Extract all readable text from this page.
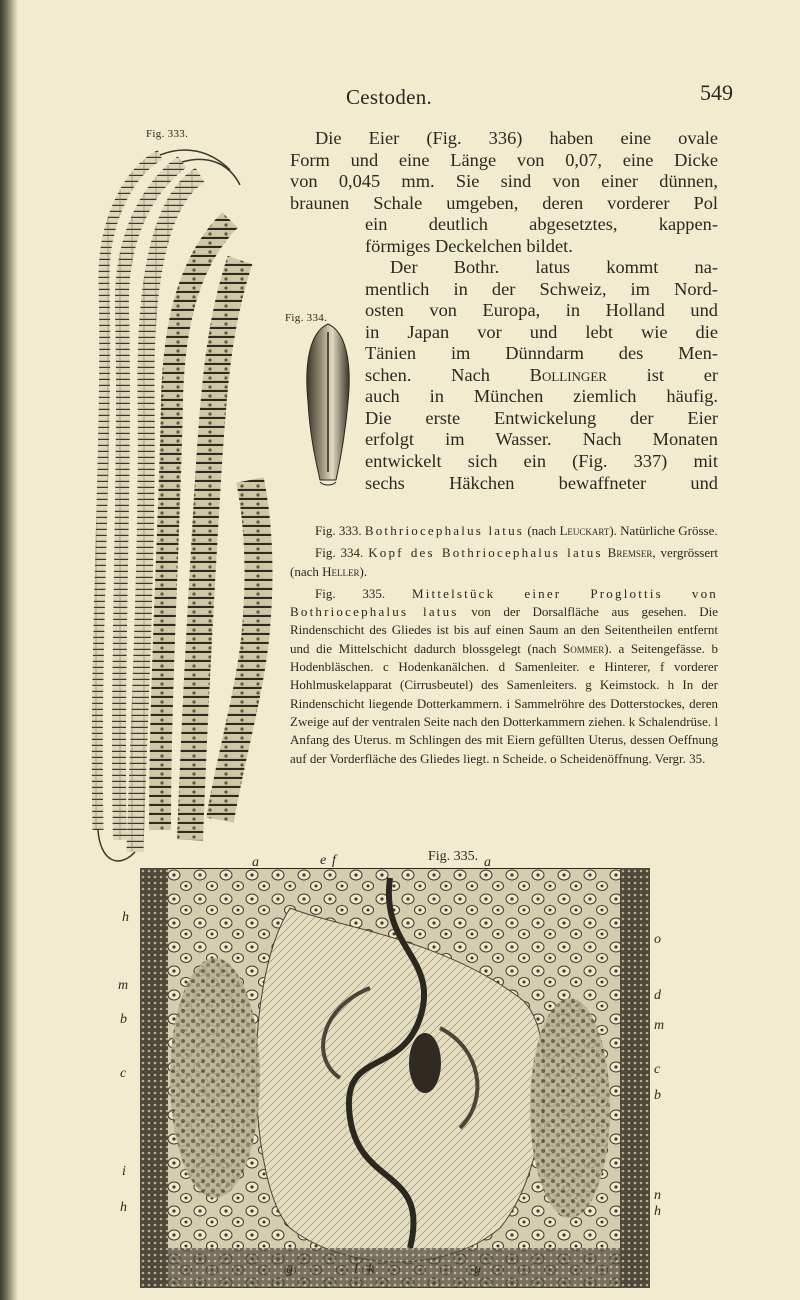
Cestoden.	549
Fig. 333.
Fig. 334.
Die Eier (Fig. 336) haben eine ovale
Form und eine Länge von 0,07, eine Dicke
von 0,045 mm. Sie sind von einer dünnen,
braunen Schale umgeben, deren vorderer Pol
ein deutlich abgesetztes, kappen-
förmiges Deckelchen bildet.
Der Bothr. latus kommt na-
mentlich in der Schweiz, im Nord-
osten von Europa, in Holland und
in Japan vor und lebt wie die
Tänien im Dünndarm des Men-
schen. Nach Bollinger ist er
auch in München ziemlich häufig.
Die erste Entwickelung der Eier
erfolgt im Wasser. Nach Monaten
entwickelt sich ein (Fig. 337) mit
sechs Häkchen bewaffneter und

Fig. 333. Bothriocephalus latus (nach Leuckart). Natürliche Grösse.

Fig. 334. Kopf des Bothriocephalus latus Bremser, vergrössert (nach Heller).

Fig. 335. Mittelstück einer Proglottis von Bothriocephalus latus von der Dorsalfläche aus gesehen. Die Rindenschicht des Gliedes ist bis auf einen Saum an den Seitentheilen entfernt und die Mittelschicht dadurch blossgelegt (nach Sommer). a Seitengefässe. b Hodenbläschen. c Hodenkanälchen. d Samenleiter. e Hinterer, f vorderer Hohlmuskelapparat (Cirrusbeutel) des Samenleiters. g Keimstock. h In der Rindenschicht liegende Dotterkammern. i Sammelröhre des Dotterstockes, deren Zweige auf der ventralen Seite nach den Dotterkammern ziehen. k Schalendrüse. l Anfang des Uterus. m Schlingen des mit Eiern gefüllten Uterus, dessen Oeffnung auf der Vorderfläche des Gliedes liegt. n Scheide. o Scheidenöffnung. Vergr. 35.

Fig. 335.
a	e f	a
h
m
b
c
i
h
o
d
m
c
b
n
h
g	l k	g
